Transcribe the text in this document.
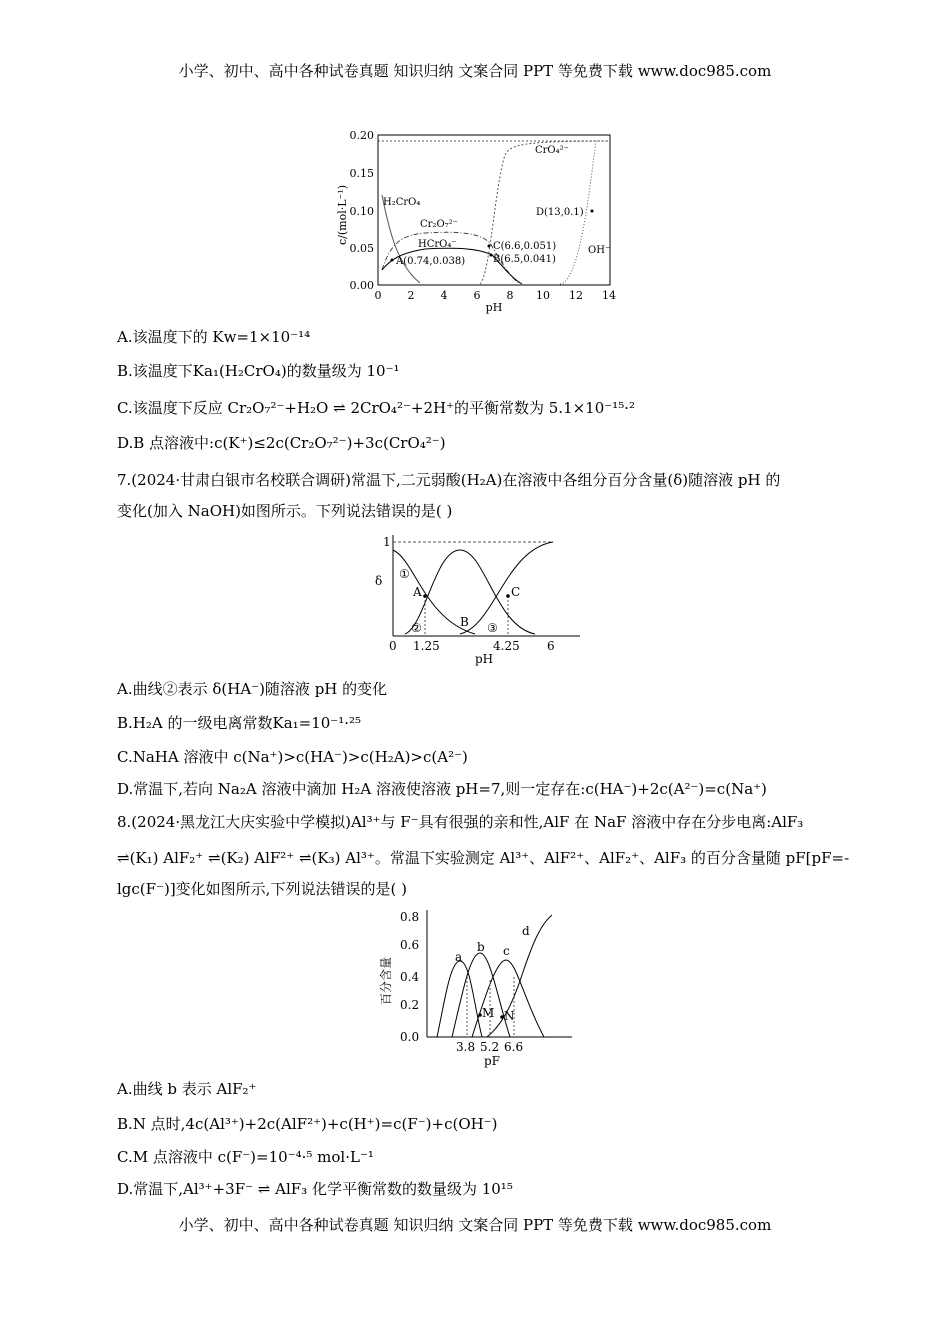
小学、初中、高中各种试卷真题 知识归纳 文案合同 PPT 等免费下载 www.doc985.com
小学、初中、高中各种试卷真题 知识归纳 文案合同 PPT 等免费下载 www.doc985.com
0.20
0.15
0.10
0.05
0.00
0 2 4 6 8 10 12 14
pH
c/(mol·L⁻¹)	H₂CrO₄
Cr₂O₇²⁻
HCrO₄⁻
CrO₄²⁻
OH⁻
A(0.74,0.038)
C(6.6,0.051)
B(6.5,0.041)
D(13,0.1)
A.该温度下的 Kw=1×10⁻¹⁴
B.该温度下Ka₁(H₂CrO₄)的数量级为 10⁻¹
C.该温度下反应 Cr₂O₇²⁻+H₂O ⇌ 2CrO₄²⁻+2H⁺的平衡常数为 5.1×10⁻¹⁵·²
D.B 点溶液中:c(K⁺)≤2c(Cr₂O₇²⁻)+3c(CrO₄²⁻)
7.(2024·甘肃白银市名校联合调研)常温下,二元弱酸(H₂A)在溶液中各组分百分含量(δ)随溶液 pH 的
变化(加入 NaOH)如图所示。下列说法错误的是( )
δ
1
①
②	③
A
B
C
0 1.25	4.25 6
pH
A.曲线②表示 δ(HA⁻)随溶液 pH 的变化
B.H₂A 的一级电离常数Ka₁=10⁻¹·²⁵
C.NaHA 溶液中 c(Na⁺)>c(HA⁻)>c(H₂A)>c(A²⁻)
D.常温下,若向 Na₂A 溶液中滴加 H₂A 溶液使溶液 pH=7,则一定存在:c(HA⁻)+2c(A²⁻)=c(Na⁺)
8.(2024·黑龙江大庆实验中学模拟)Al³⁺与 F⁻具有很强的亲和性,AlF 在 NaF 溶液中存在分步电离:AlF₃
⇌(K₁) AlF₂⁺ ⇌(K₂) AlF²⁺ ⇌(K₃) Al³⁺。常温下实验测定 Al³⁺、AlF²⁺、AlF₂⁺、AlF₃ 的百分含量随 pF[pF=-
lgc(F⁻)]变化如图所示,下列说法错误的是( )
0.8
0.6
0.4
0.2
0.0
百分含量	a
b c
d
M N
3.8 5.2 6.6
pF
A.曲线 b 表示 AlF₂⁺
B.N 点时,4c(Al³⁺)+2c(AlF²⁺)+c(H⁺)=c(F⁻)+c(OH⁻)
C.M 点溶液中 c(F⁻)=10⁻⁴·⁵ mol·L⁻¹
D.常温下,Al³⁺+3F⁻ ⇌ AlF₃ 化学平衡常数的数量级为 10¹⁵
